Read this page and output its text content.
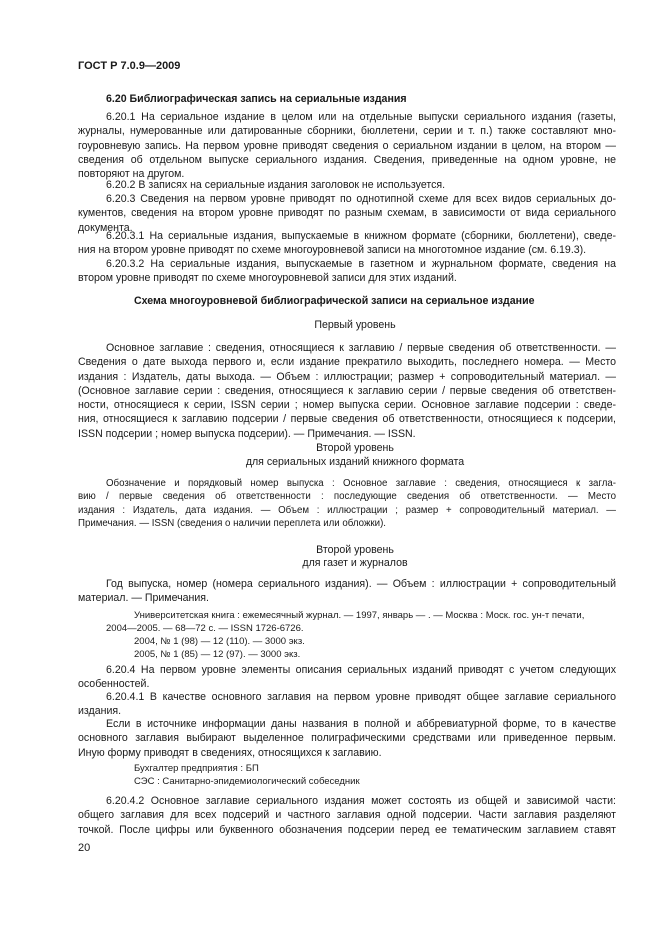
ГОСТ Р 7.0.9—2009
6.20 Библиографическая запись на сериальные издания
6.20.1 На сериальное издание в целом или на отдельные выпуски сериального издания (газеты,
журналы, нумерованные или датированные сборники, бюллетени, серии и т. п.) также составляют мно-
гоуровневую запись. На первом уровне приводят сведения о сериальном издании в целом, на втором —
сведения об отдельном выпуске сериального издания. Сведения, приведенные на одном уровне, не
повторяют на другом.
6.20.2 В записях на сериальные издания заголовок не используется.
6.20.3 Сведения на первом уровне приводят по однотипной схеме для всех видов сериальных до-
кументов, сведения на втором уровне приводят по разным схемам, в зависимости от вида сериального
документа.
6.20.3.1 На сериальные издания, выпускаемые в книжном формате (сборники, бюллетени), сведе-
ния на втором уровне приводят по схеме многоуровневой записи на многотомное издание (см. 6.19.3).
6.20.3.2 На сериальные издания, выпускаемые в газетном и журнальном формате, сведения на
втором уровне приводят по схеме многоуровневой записи для этих изданий.
Схема многоуровневой библиографической записи на сериальное издание
Первый уровень
Основное заглавие : сведения, относящиеся к заглавию / первые сведения об ответственности. —
Сведения о дате выхода первого и, если издание прекратило выходить, последнего номера. — Место
издания : Издатель, даты выхода. — Объем : иллюстрации; размер + сопроводительный материал. —
(Основное заглавие серии : сведения, относящиеся к заглавию серии / первые сведения об ответствен-
ности, относящиеся к серии, ISSN серии ; номер выпуска серии. Основное заглавие подсерии : сведе-
ния, относящиеся к заглавию подсерии / первые сведения об ответственности, относящиеся к подсерии,
ISSN подсерии ; номер выпуска подсерии). — Примечания. — ISSN.
Второй уровень
для сериальных изданий книжного формата
Обозначение и порядковый номер выпуска : Основное заглавие : сведения, относящиеся к загла-
вию / первые сведения об ответственности : последующие сведения об ответственности. — Место
издания : Издатель, дата издания. — Объем : иллюстрации ; размер + сопроводительный материал. —
Примечания. — ISSN (сведения о наличии переплета или обложки).
Второй уровень
для газет и журналов
Год выпуска, номер (номера сериального издания). — Объем : иллюстрации + сопроводительный
материал. — Примечания.
Университетская книга : ежемесячный журнал. — 1997, январь — . — Москва : Моск. гос. ун-т печати,
2004—2005. — 68—72 с. — ISSN 1726-6726.
2004, № 1 (98) — 12 (110). — 3000 экз.
2005, № 1 (85) — 12 (97). — 3000 экз.
6.20.4 На первом уровне элементы описания сериальных изданий приводят с учетом следующих
особенностей.
6.20.4.1 В качестве основного заглавия на первом уровне приводят общее заглавие сериального
издания.
Если в источнике информации даны названия в полной и аббревиатурной форме, то в качестве
основного заглавия выбирают выделенное полиграфическими средствами или приведенное первым.
Иную форму приводят в сведениях, относящихся к заглавию.
Бухгалтер предприятия : БП
СЭС : Санитарно-эпидемиологический собеседник
6.20.4.2 Основное заглавие сериального издания может состоять из общей и зависимой части:
общего заглавия для всех подсерий и частного заглавия одной подсерии. Части заглавия разделяют
точкой. После цифры или буквенного обозначения подсерии перед ее тематическим заглавием ставят
20
